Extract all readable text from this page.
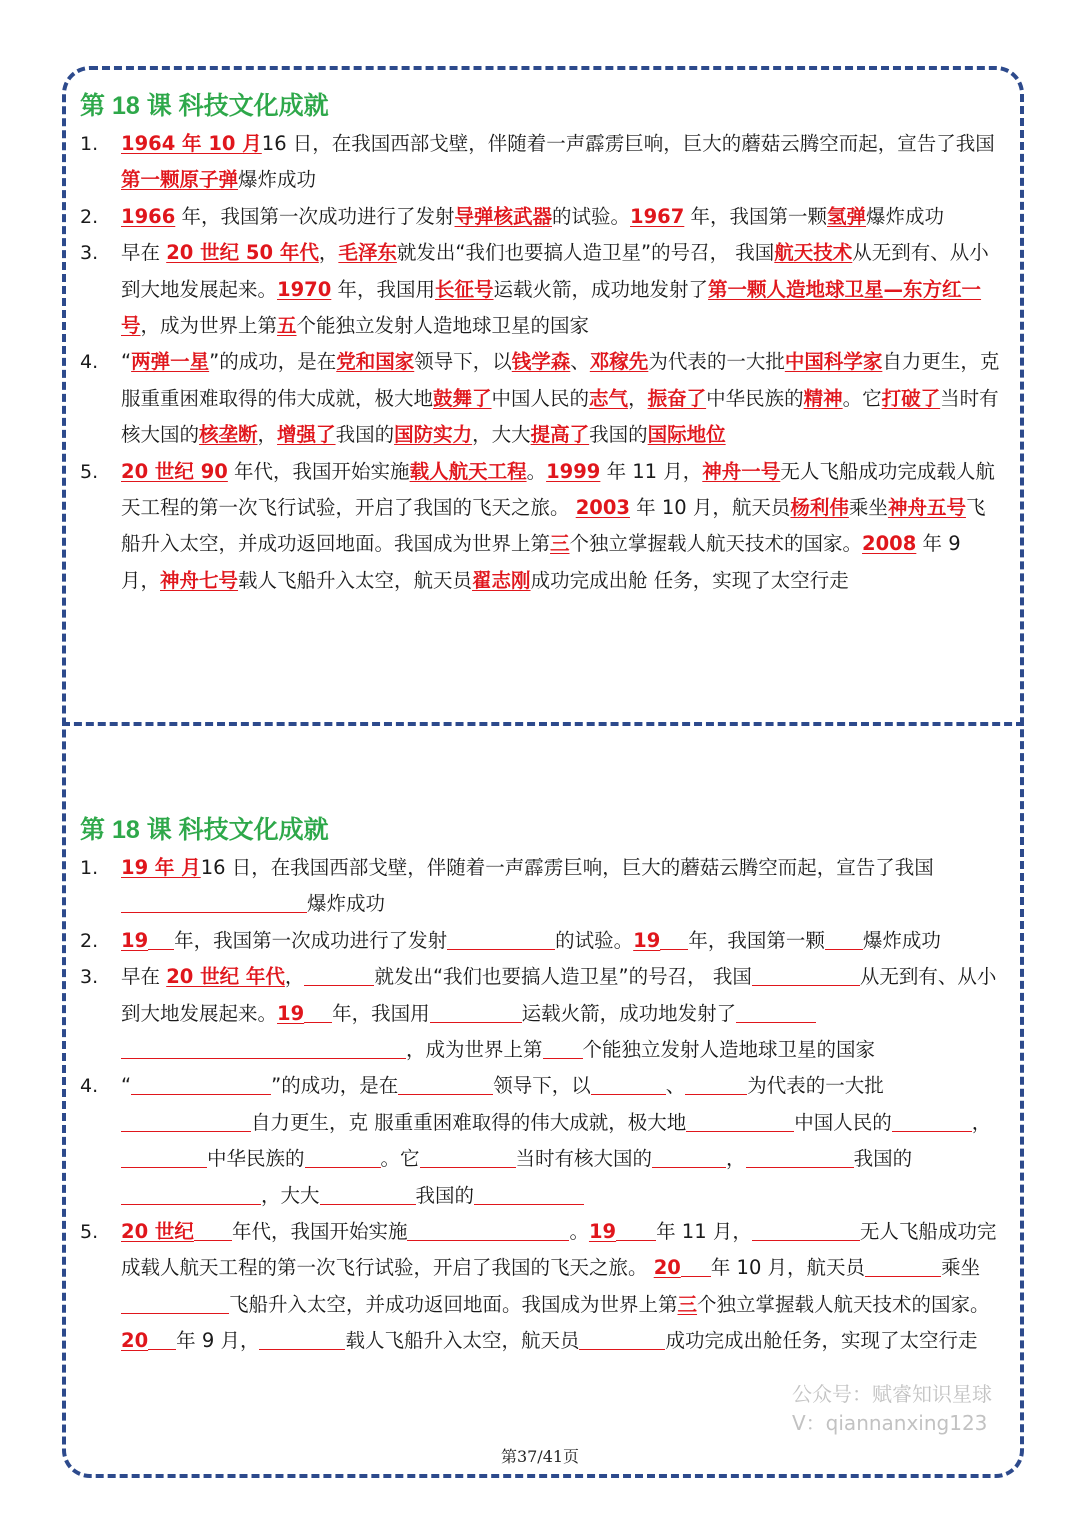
第 18 课 科技文化成就
1.	1964 年 10 月16 日，在我国西部戈壁，伴随着一声霹雳巨响，巨大的蘑菇云腾空而起，宣告了我国第一颗原子弹爆炸成功
2.	1966 年，我国第一次成功进行了发射导弹核武器的试验。1967 年，我国第一颗氢弹爆炸成功
3.	早在 20 世纪 50 年代，毛泽东就发出“我们也要搞人造卫星”的号召， 我国航天技术从无到有、从小到大地发展起来。1970 年，我国用长征号运载火箭，成功地发射了第一颗人造地球卫星—东方红一号，成为世界上第五个能独立发射人造地球卫星的国家
4.	“两弹一星”的成功，是在党和国家领导下，以钱学森、邓稼先为代表的一大批中国科学家自力更生，克 服重重困难取得的伟大成就，极大地鼓舞了中国人民的志气，振奋了中华民族的精神。它打破了当时有核大国的核垄断，增强了我国的国防实力，大大提高了我国的国际地位
5.	20 世纪 90 年代，我国开始实施载人航天工程。1999 年 11 月，神舟一号无人飞船成功完成载人航天工程的第一次飞行试验，开启了我国的飞天之旅。 2003 年 10 月，航天员杨利伟乘坐神舟五号飞船升入太空，并成功返回地面。我国成为世界上第三个独立掌握载人航天技术的国家。2008 年 9 月，神舟七号载人飞船升入太空，航天员翟志刚成功完成出舱 任务，实现了太空行走
第 18 课 科技文化成就
1.	19 年 月16 日，在我国西部戈壁，伴随着一声霹雳巨响，巨大的蘑菇云腾空而起，宣告了我国爆炸成功
2.	19 年，我国第一次成功进行了发射	的试验。19 年，我国第一颗 爆炸成功
3.	早在 20 世纪 年代，	就发出“我们也要搞人造卫星”的号召， 我国	从无到有、从小到大地发展起来。19 年，我国用	运载火箭，成功地发射了，成为世界上第 个能独立发射人造地球卫星的国家
4.	“	”的成功，是在	领导下，以	、	为代表的一大批自力更生，克 服重重困难取得的伟大成就，极大地	中国人民的	，中华民族的	。它	当时有核大国的	，	我国的，大大	我国的
5.	20 世纪 年代，我国开始实施	。19 年 11 月，	无人飞船成功完成载人航天工程的第一次飞行试验，开启了我国的飞天之旅。 20 年 10 月，航天员	乘坐飞船升入太空，并成功返回地面。我国成为世界上第三个独立掌握载人航天技术的国家。20 年 9 月，	载人飞船升入太空，航天员	成功完成出舱任务，实现了太空行走
公众号：赋睿知识星球
V：qiannanxing123
第37/41页
